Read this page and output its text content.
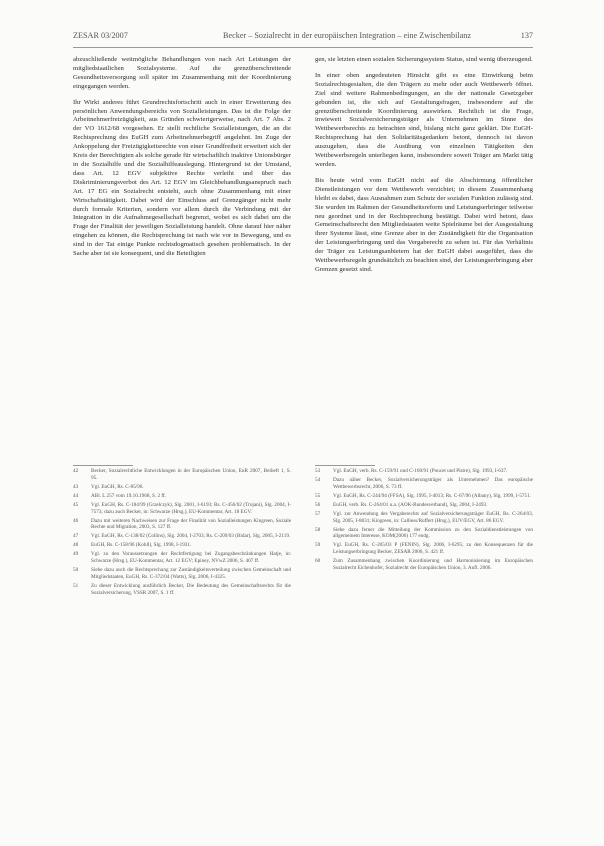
ZESAR 03/2007	Becker – Sozialrecht in der europäischen Integration – eine Zwischenbilanz	137

abzuschließende weitmögliche Behandlungen von nach Art Leistungen der mitgliedstaatlichen Sozialsysteme. Auf die grenzüberschreitende Gesundheitsversorgung soll später im Zusammenhang mit der Koordinierung eingegangen werden.

Ihr Wirkt anderes führt Grundrechtsfortschritt auch in einer Erweiterung des persönlichen Anwendungsbereichs von Sozialleistungen. Das ist die Folge der Arbeitnehmerfreizügigkeit, aus Gründen schwierigerweise, nach Art. 7 Abs. 2 der VO 1612/68 vorgesehen. Er stellt rechtliche Sozialleistungen, die an die Rechtsprechung des EuGH zum Arbeitnehmerbegriff angelehnt. Im Zuge der Ankoppelung der Freizügigkeitsrechte von einer Grundfreiheit erweitert sich der Kreis der Berechtigten als solche gerade für wirtschaftlich inaktive Unionsbürger in die Sozialhilfe und die Sozialhilfeauslegung. Hintergrund ist der Umstand, dass Art. 12 EGV subjektive Rechte verleiht und über das Diskriminierungsverbot des Art. 12 EGV im Gleichbehandlungsanspruch nach Art. 17 EG ein Sozialrecht entsteht, auch ohne Zusammenhang mit einer Wirtschaftstätigkeit. Dabei wird der Einschluss auf Grenzgänger nicht mehr durch formale Kriterien, sondern vor allem durch die Verbindung mit der Integration in die Aufnahmegesellschaft begrenzt, wobei es sich dabei um die Frage der Finalität der jeweiligen Sozialleistung handelt. Ohne darauf hier näher eingehen zu können, die Rechtsprechung ist nach wie vor in Bewegung, und es sind in der Tat einige Punkte rechtsdogmatisch gesehen problematisch. In der Sache aber ist sie konsequent, und die Beteiligten

gen, sie letzten einen sozialen Sicherungssystem Status, sind wenig überzeugend.

In einer oben angedeuteten Hinsicht gibt es eine Einwirkung beim Sozialrechtsgestalten, die den Trägern zu mehr oder auch Wettbewerb öffnet. Ziel sind weitere Rahmenbedingungen, an die der nationale Gesetzgeber gebunden ist, die sich auf Gestaltungsfragen, insbesondere auf die grenzüberschreitende Koordinierung auswirken. Rechtlich ist die Frage, inwieweit Sozialversicherungsträger als Unternehmen im Sinne des Wettbewerbsrechts zu betrachten sind, bislang nicht ganz geklärt. Die EuGH-Rechtsprechung hat den Solidaritätsgedanken betont, dennoch ist davon auszugehen, dass die Ausübung von einzelnen Tätigkeiten den Wettbewerbsregeln unterliegen kann, insbesondere soweit Träger am Markt tätig werden.

Bis heute wird vom EuGH nicht auf die Abschirmung öffentlicher Dienstleistungen vor dem Wettbewerb verzichtet; in diesem Zusammenhang bleibt es dabei, dass Ausnahmen zum Schutz der sozialen Funktion zulässig sind. Sie wurden im Rahmen der Gesundheitsreform und Leistungserbringer teilweise neu geordnet und in der Rechtsprechung bestätigt. Dabei wird betont, dass Gemeinschaftsrecht den Mitgliedstaaten weite Spielräume bei der Ausgestaltung ihrer Systeme lässt, eine Grenze aber in der Zuständigkeit für die Organisation der Leistungserbringung und das Vergaberecht zu sehen ist. Für das Verhältnis der Träger zu Leistungsanbietern hat der EuGH dabei ausgeführt, dass die Wettbewerbsregeln grundsätzlich zu beachten sind, der Leistungserbringung aber Grenzen gesetzt sind.

42	Becker, Sozialrechtliche Entwicklungen in der Europäischen Union, EuR 2007, Beiheft 1, S. 95.
43	Vgl. EuGH, Rs. C-85/96.
44	ABl. L 257 vom 19.10.1968, S. 2 ff.
45	Vgl. EuGH, Rs. C-184/99 (Grzelczyk), Slg. 2001, I-6193; Rs. C-456/02 (Trojani), Slg. 2004, I-7573; dazu auch Becker, in: Schwarze (Hrsg.), EU-Kommentar, Art. 18 EGV.
46	Dazu mit weiteren Nachweisen zur Frage der Finalität von Sozialleistungen Kingreen, Soziale Rechte und Migration, 2003, S. 127 ff.
47	Vgl. EuGH, Rs. C-138/02 (Collins), Slg. 2004, I-2703; Rs. C-209/03 (Bidar), Slg. 2005, I-2119.
48	EuGH, Rs. C-158/96 (Kohll), Slg. 1998, I-1931.
49	Vgl. zu den Voraussetzungen der Rechtfertigung bei Zugangsbeschränkungen Hatje, in: Schwarze (Hrsg.), EU-Kommentar, Art. 12 EGV; Epiney, NVwZ 2006, S. 407 ff.
50	Siehe dazu auch die Rechtsprechung zur Zuständigkeitsverteilung zwischen Gemeinschaft und Mitgliedstaaten, EuGH, Rs. C-372/04 (Watts), Slg. 2006, I-4325.
51	Zu dieser Entwicklung ausführlich Becker, Die Bedeutung des Gemeinschaftsrechts für die Sozialversicherung, VSSR 2007, S. 1 ff.
53	Vgl. EuGH, verb. Rs. C-159/91 und C-160/91 (Poucet und Pistre), Slg. 1993, I-637.
54	Dazu näher Becker, Sozialversicherungsträger als Unternehmen? Das europäische Wettbewerbsrecht, 2006, S. 73 ff.
55	Vgl. EuGH, Rs. C-244/94 (FFSA), Slg. 1995, I-4013; Rs. C-67/96 (Albany), Slg. 1999, I-5751.
56	EuGH, verb. Rs. C-264/01 u.a. (AOK-Bundesverband), Slg. 2004, I-2493.
57	Vgl. zur Anwendung des Vergaberechts auf Sozialversicherungsträger EuGH, Rs. C-264/03, Slg. 2005, I-8831; Kingreen, in: Calliess/Ruffert (Hrsg.), EUV/EGV, Art. 86 EGV.
58	Siehe dazu ferner die Mitteilung der Kommission zu den Sozialdienstleistungen von allgemeinem Interesse, KOM(2006) 177 endg.
59	Vgl. EuGH, Rs. C-205/03 P (FENIN), Slg. 2006, I-6295; zu den Konsequenzen für die Leistungserbringung Becker, ZESAR 2006, S. 421 ff.
60	Zum Zusammenhang zwischen Koordinierung und Harmonisierung im Europäischen Sozialrecht Eichenhofer, Sozialrecht der Europäischen Union, 3. Aufl. 2006.
